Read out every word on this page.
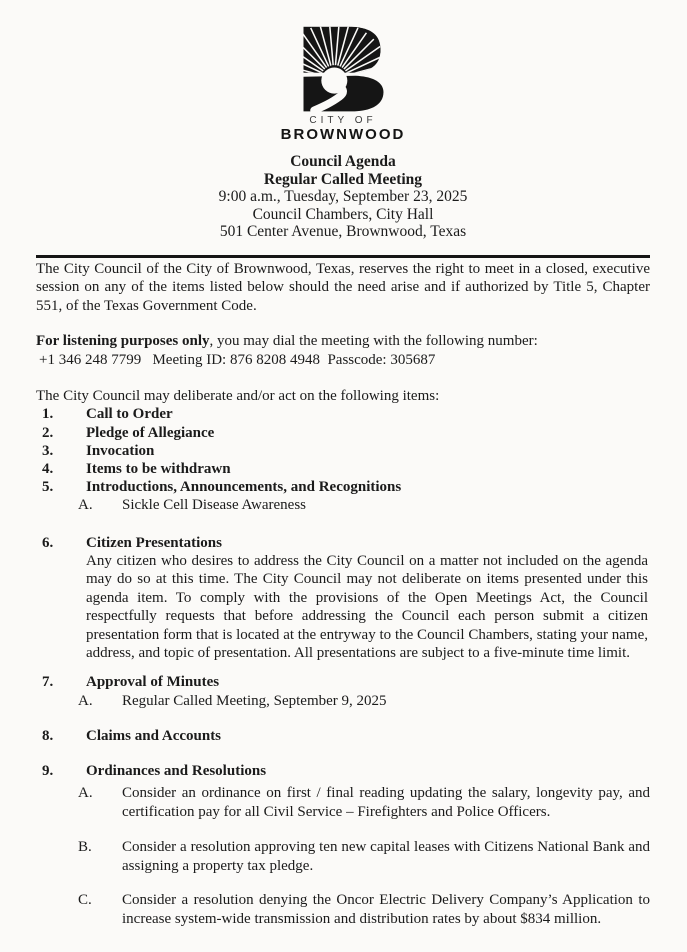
CITY OF
BROWNWOOD
Council Agenda
Regular Called Meeting
9:00 a.m., Tuesday, September 23, 2025
Council Chambers, City Hall
501 Center Avenue, Brownwood, Texas

The City Council of the City of Brownwood, Texas, reserves the right to meet in a closed, executive session on any of the items listed below should the need arise and if authorized by Title 5, Chapter 551, of the Texas Government Code.

For listening purposes only, you may dial the meeting with the following number:
+1 346 248 7799   Meeting ID: 876 8208 4948  Passcode: 305687

The City Council may deliberate and/or act on the following items:

1.	Call to Order
2.	Pledge of Allegiance
3.	Invocation
4.	Items to be withdrawn
5.	Introductions, Announcements, and Recognitions
A.	Sickle Cell Disease Awareness
6.	Citizen Presentations
Any citizen who desires to address the City Council on a matter not included on the agenda may do so at this time. The City Council may not deliberate on items presented under this agenda item. To comply with the provisions of the Open Meetings Act, the Council respectfully requests that before addressing the Council each person submit a citizen presentation form that is located at the entryway to the Council Chambers, stating your name, address, and topic of presentation. All presentations are subject to a five-minute time limit.
7.	Approval of Minutes
A.	Regular Called Meeting, September 9, 2025
8.	Claims and Accounts
9.	Ordinances and Resolutions
A.	Consider an ordinance on first / final reading updating the salary, longevity pay, and certification pay for all Civil Service – Firefighters and Police Officers.
B.	Consider a resolution approving ten new capital leases with Citizens National Bank and assigning a property tax pledge.
C.	Consider a resolution denying the Oncor Electric Delivery Company’s Application to increase system-wide transmission and distribution rates by about $834 million.
